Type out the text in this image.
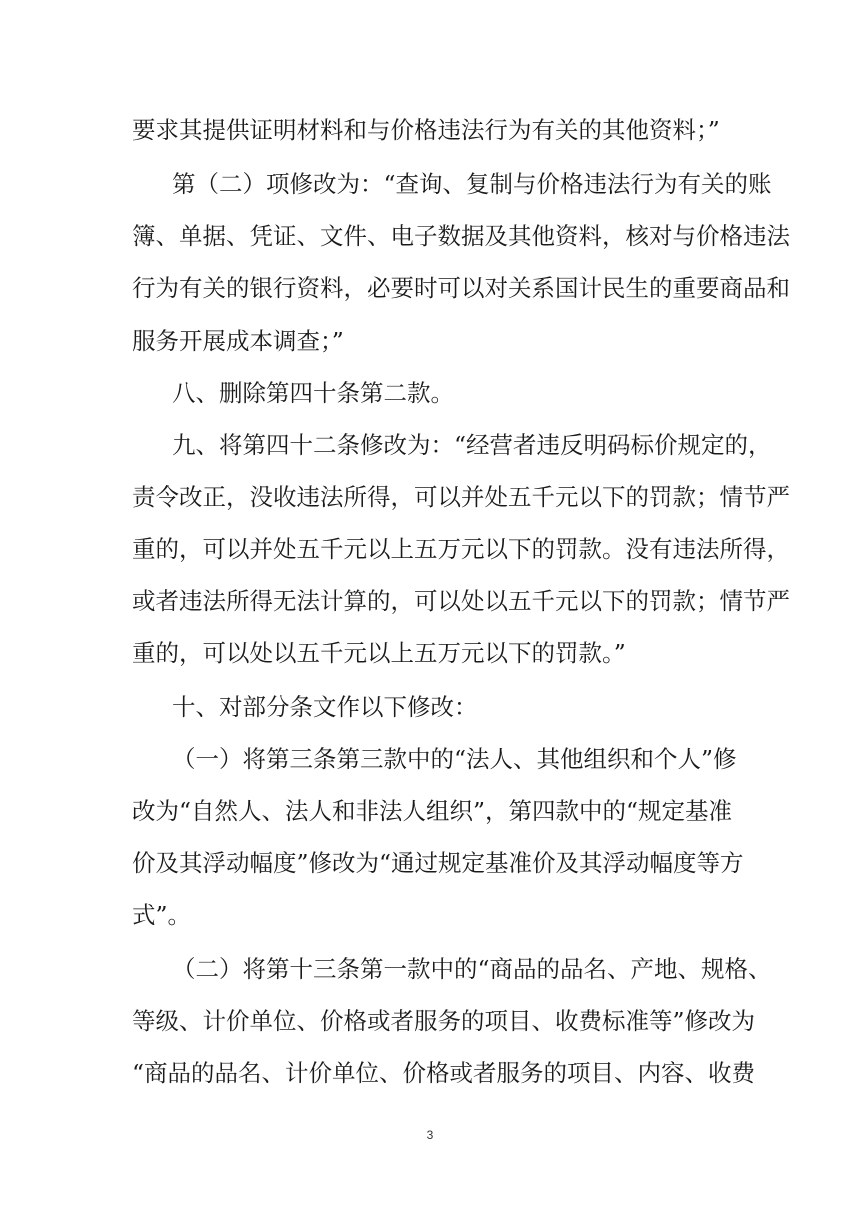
要求其提供证明材料和与价格违法行为有关的其他资料；”
第（二）项修改为：“查询、复制与价格违法行为有关的账
簿、单据、凭证、文件、电子数据及其他资料，核对与价格违法
行为有关的银行资料，必要时可以对关系国计民生的重要商品和
服务开展成本调查；”
八、删除第四十条第二款。
九、将第四十二条修改为：“经营者违反明码标价规定的，
责令改正，没收违法所得，可以并处五千元以下的罚款；情节严
重的，可以并处五千元以上五万元以下的罚款。没有违法所得，
或者违法所得无法计算的，可以处以五千元以下的罚款；情节严
重的，可以处以五千元以上五万元以下的罚款。”
十、对部分条文作以下修改：
（一）将第三条第三款中的“法人、其他组织和个人”修
改为“自然人、法人和非法人组织”，第四款中的“规定基准
价及其浮动幅度”修改为“通过规定基准价及其浮动幅度等方
式”。
（二）将第十三条第一款中的“商品的品名、产地、规格、
等级、计价单位、价格或者服务的项目、收费标准等”修改为
“商品的品名、计价单位、价格或者服务的项目、内容、收费
3
